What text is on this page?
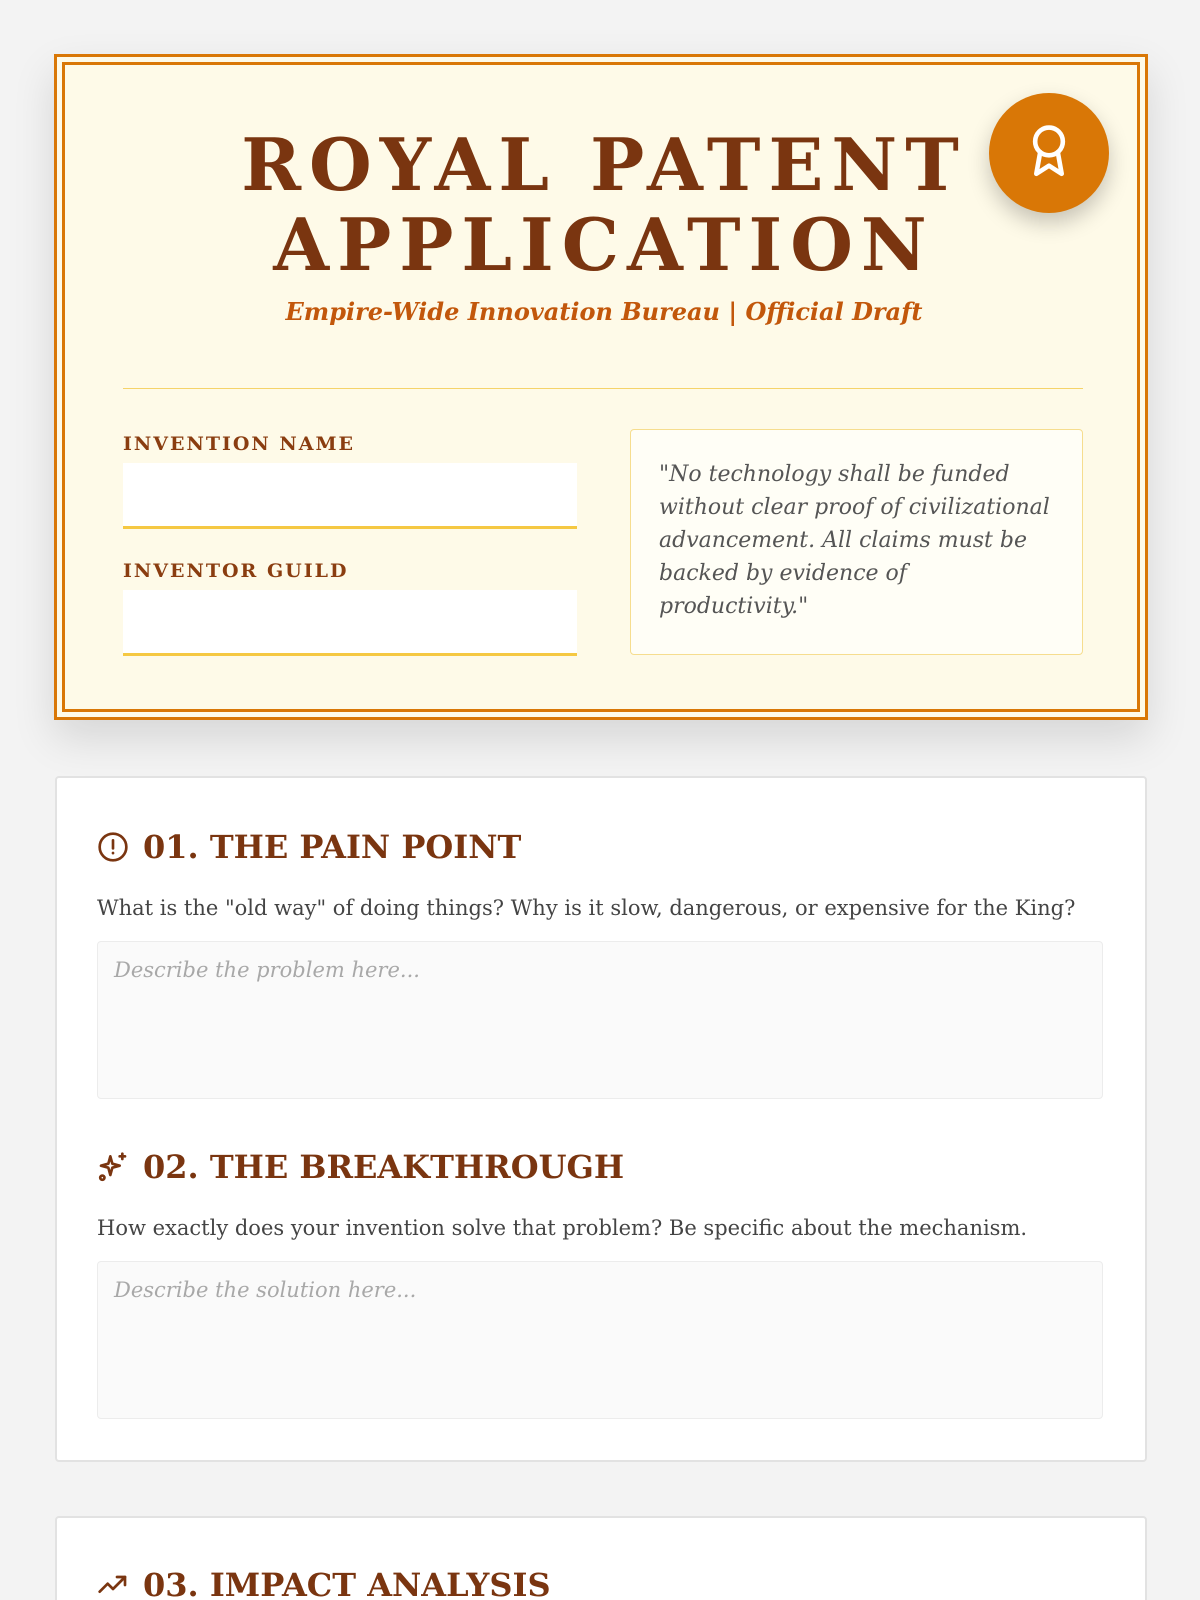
ROYAL PATENT
APPLICATION
Empire-Wide Innovation Bureau | Official Draft
INVENTION NAME
INVENTOR GUILD
"No technology shall be funded without clear proof of civilizational advancement. All claims must be backed by evidence of productivity."
01. THE PAIN POINT
What is the "old way" of doing things? Why is it slow, dangerous, or expensive for the King?
Describe the problem here...
02. THE BREAKTHROUGH
How exactly does your invention solve that problem? Be specific about the mechanism.
Describe the solution here...
03. IMPACT ANALYSIS
